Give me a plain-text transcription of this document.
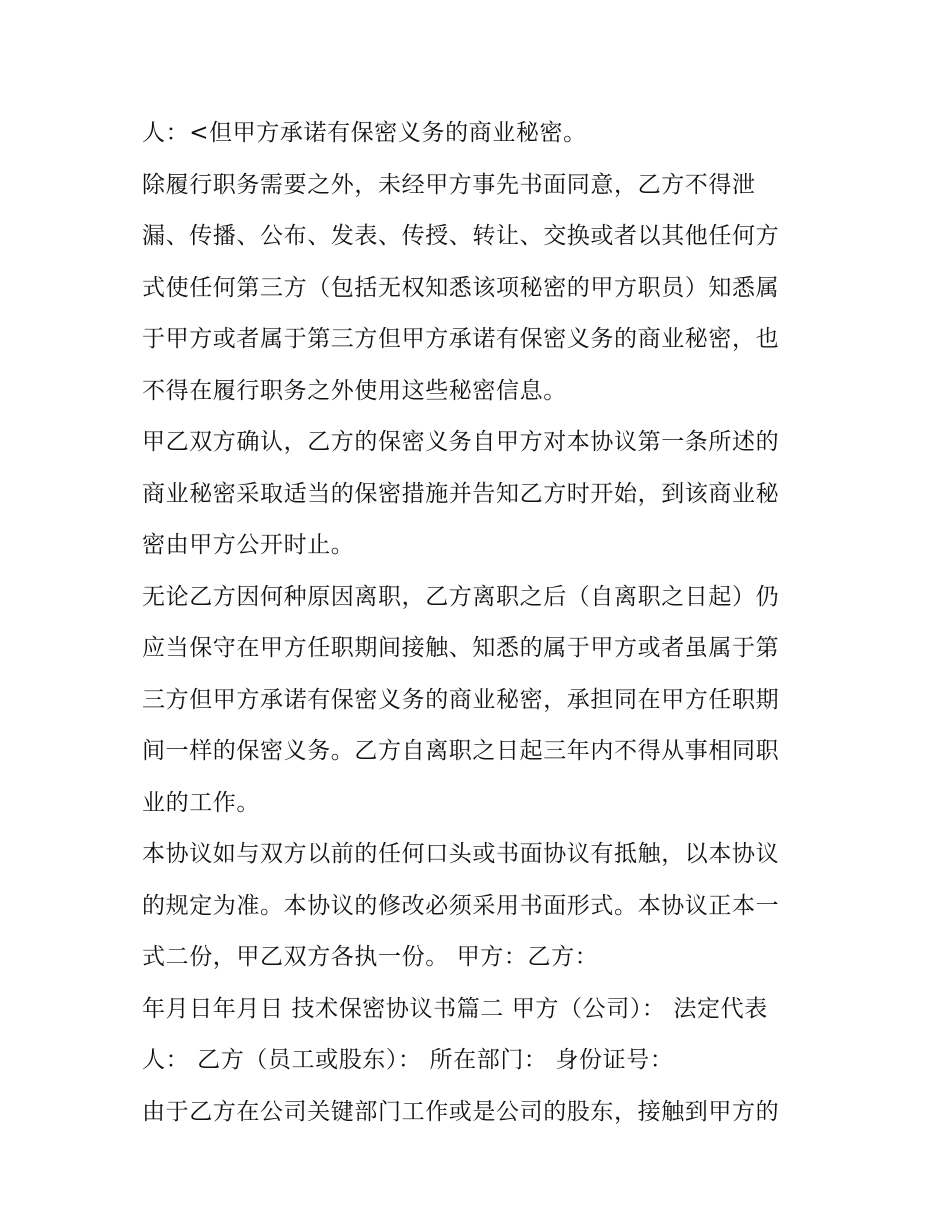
人：<但甲方承诺有保密义务的商业秘密。
除履行职务需要之外，未经甲方事先书面同意，乙方不得泄
漏、传播、公布、发表、传授、转让、交换或者以其他任何方
式使任何第三方（包括无权知悉该项秘密的甲方职员）知悉属
于甲方或者属于第三方但甲方承诺有保密义务的商业秘密，也
不得在履行职务之外使用这些秘密信息。
甲乙双方确认，乙方的保密义务自甲方对本协议第一条所述的
商业秘密采取适当的保密措施并告知乙方时开始，到该商业秘
密由甲方公开时止。
无论乙方因何种原因离职，乙方离职之后（自离职之日起）仍
应当保守在甲方任职期间接触、知悉的属于甲方或者虽属于第
三方但甲方承诺有保密义务的商业秘密，承担同在甲方任职期
间一样的保密义务。乙方自离职之日起三年内不得从事相同职
业的工作。
本协议如与双方以前的任何口头或书面协议有抵触，以本协议
的规定为准。本协议的修改必须采用书面形式。本协议正本一
式二份，甲乙双方各执一份。 甲方：乙方：
年月日年月日 技术保密协议书篇二 甲方（公司）： 法定代表
人： 乙方（员工或股东）： 所在部门： 身份证号：
由于乙方在公司关键部门工作或是公司的股东，接触到甲方的
